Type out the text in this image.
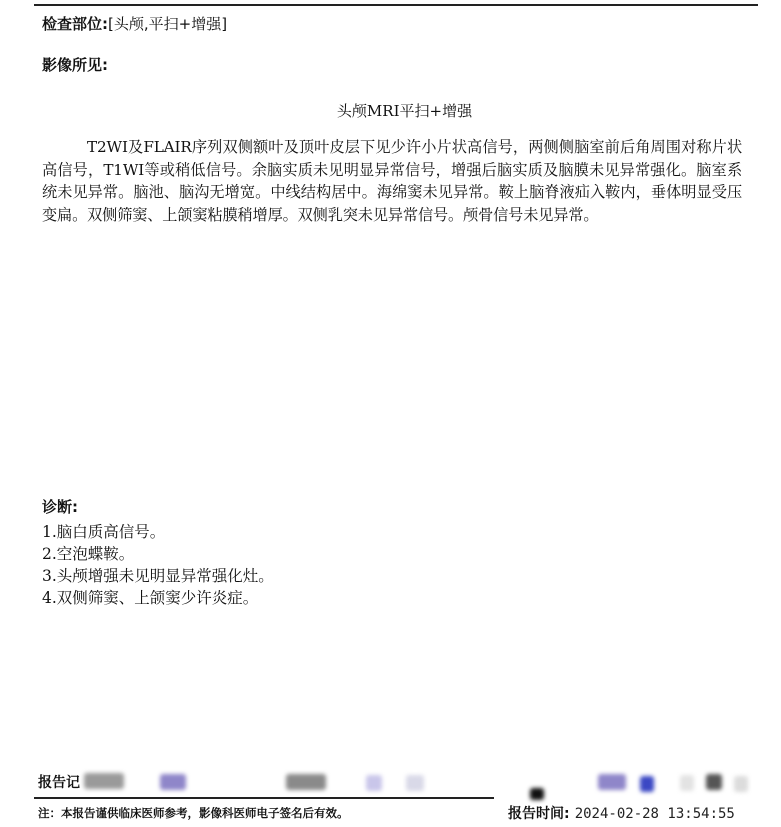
检查部位:[头颅,平扫+增强]
影像所见:
头颅MRI平扫+增强
T2WI及FLAIR序列双侧额叶及顶叶皮层下见少许小片状高信号，两侧侧脑室前后角周围对称片状高信号，T1WI等或稍低信号。余脑实质未见明显异常信号，增强后脑实质及脑膜未见异常强化。脑室系统未见异常。脑池、脑沟无增宽。中线结构居中。海绵窦未见异常。鞍上脑脊液疝入鞍内，垂体明显受压变扁。双侧筛窦、上颌窦粘膜稍增厚。双侧乳突未见异常信号。颅骨信号未见异常。
诊断:
1.脑白质高信号。
2.空泡蝶鞍。
3.头颅增强未见明显异常强化灶。
4.双侧筛窦、上颌窦少许炎症。
报告记
注：本报告谨供临床医师参考，影像科医师电子签名后有效。	报告时间: 2024-02-28 13:54:55
